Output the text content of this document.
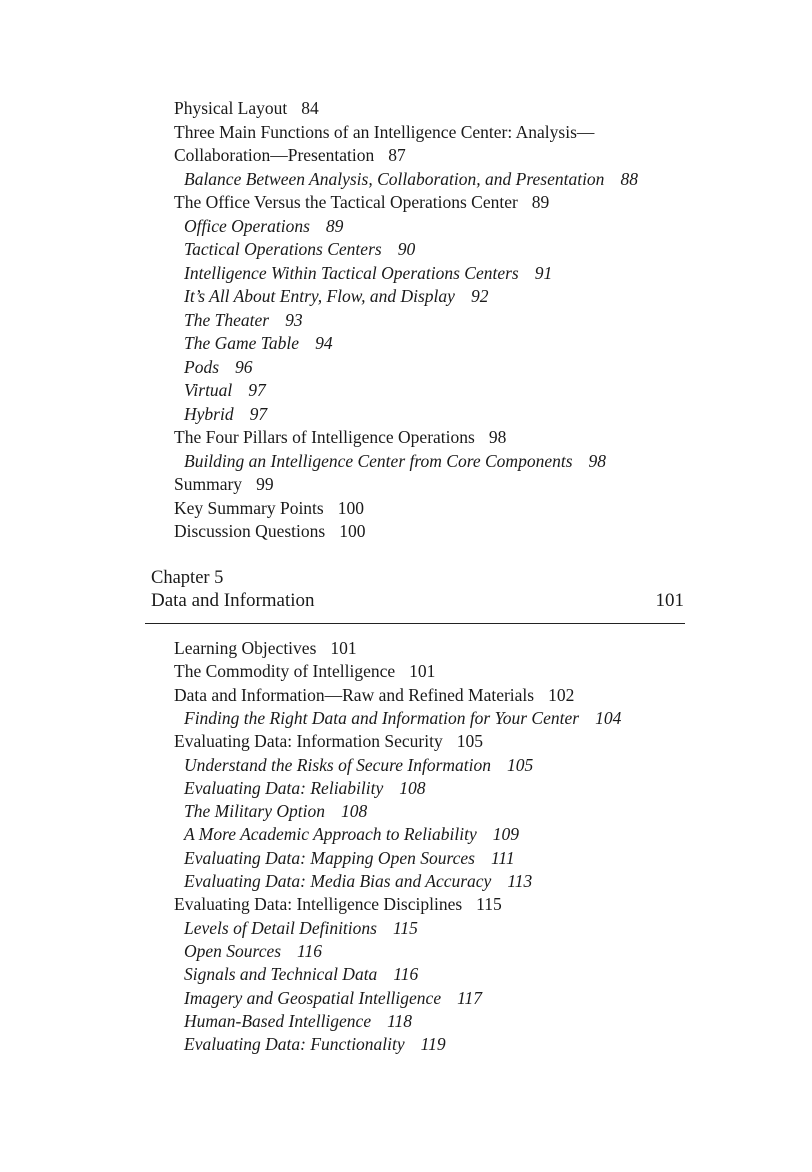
Physical Layout 84
Three Main Functions of an Intelligence Center: Analysis—
Collaboration—Presentation 87
Balance Between Analysis, Collaboration, and Presentation 88
The Office Versus the Tactical Operations Center 89
Office Operations 89
Tactical Operations Centers 90
Intelligence Within Tactical Operations Centers 91
It’s All About Entry, Flow, and Display 92
The Theater 93
The Game Table 94
Pods 96
Virtual 97
Hybrid 97
The Four Pillars of Intelligence Operations 98
Building an Intelligence Center from Core Components 98
Summary 99
Key Summary Points 100
Discussion Questions 100
Chapter 5
Data and Information	101
Learning Objectives 101
The Commodity of Intelligence 101
Data and Information—Raw and Refined Materials 102
Finding the Right Data and Information for Your Center 104
Evaluating Data: Information Security 105
Understand the Risks of Secure Information 105
Evaluating Data: Reliability 108
The Military Option 108
A More Academic Approach to Reliability 109
Evaluating Data: Mapping Open Sources 111
Evaluating Data: Media Bias and Accuracy 113
Evaluating Data: Intelligence Disciplines 115
Levels of Detail Definitions 115
Open Sources 116
Signals and Technical Data 116
Imagery and Geospatial Intelligence 117
Human-Based Intelligence 118
Evaluating Data: Functionality 119
